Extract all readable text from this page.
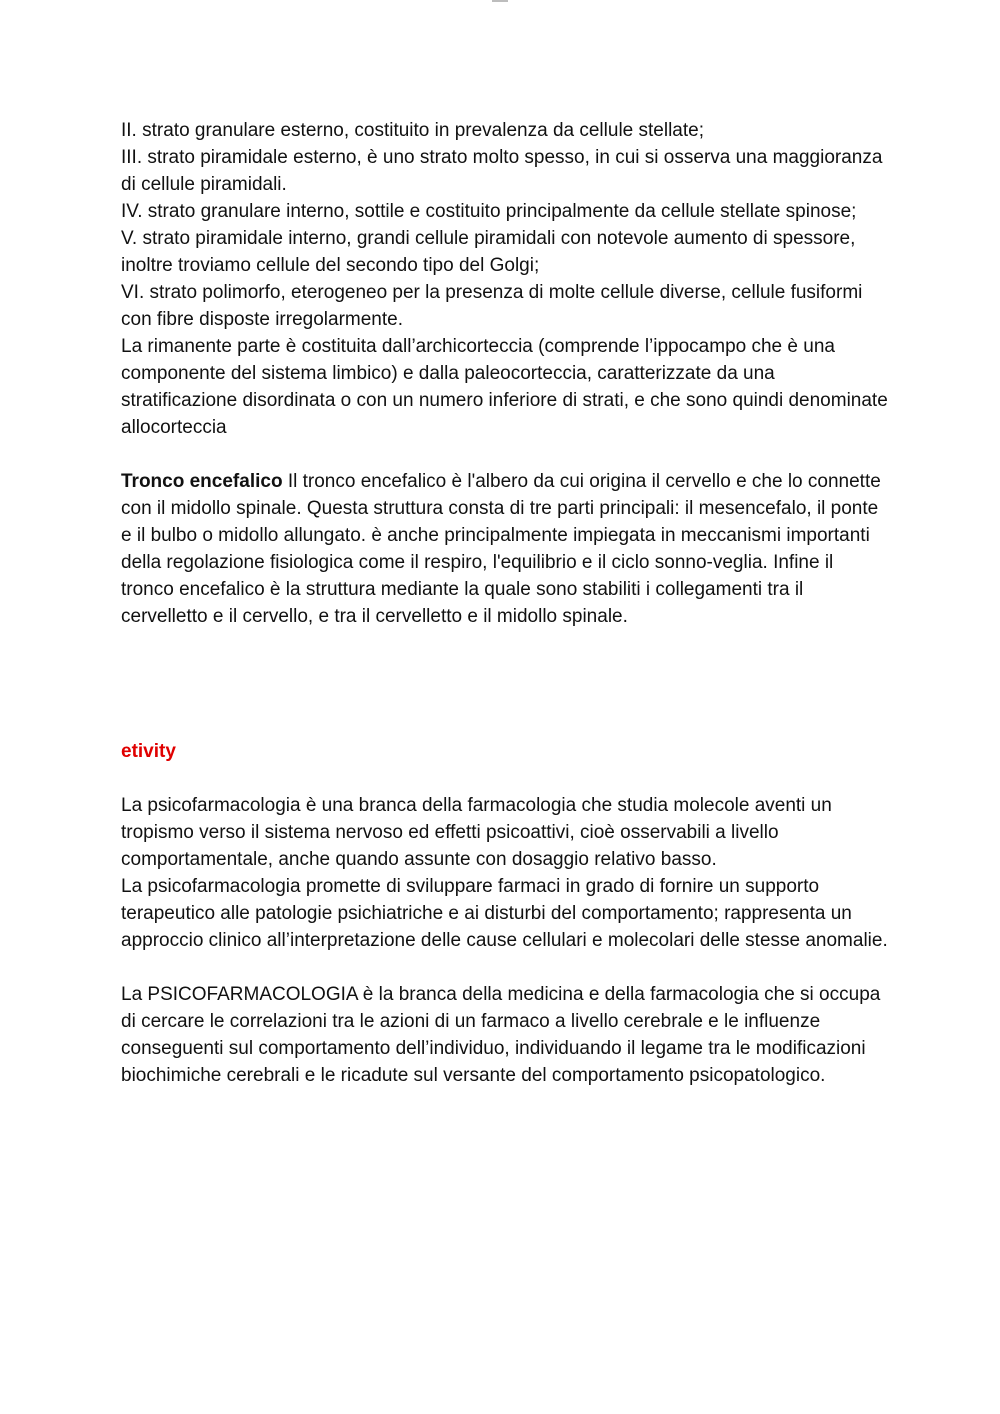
II. strato granulare esterno, costituito in prevalenza da cellule stellate;

III. strato piramidale esterno, è uno strato molto spesso, in cui si osserva una maggioranza di cellule piramidali.

IV. strato granulare interno, sottile e costituito principalmente da cellule stellate spinose;

V. strato piramidale interno, grandi cellule piramidali con notevole aumento di spessore, inoltre troviamo cellule del secondo tipo del Golgi;

VI. strato polimorfo, eterogeneo per la presenza di molte cellule diverse, cellule fusiformi con fibre disposte irregolarmente.

La rimanente parte è costituita dall’archicorteccia (comprende l’ippocampo che è una componente del sistema limbico) e dalla paleocorteccia, caratterizzate da una stratificazione disordinata o con un numero inferiore di strati, e che sono quindi denominate allocorteccia

Tronco encefalico Il tronco encefalico è l'albero da cui origina il cervello e che lo connette con il midollo spinale. Questa struttura consta di tre parti principali: il mesencefalo, il ponte e il bulbo o midollo allungato. è anche principalmente impiegata in meccanismi importanti della regolazione fisiologica come il respiro, l'equilibrio e il ciclo sonno-veglia. Infine il tronco encefalico è la struttura mediante la quale sono stabiliti i collegamenti tra il cervelletto e il cervello, e tra il cervelletto e il midollo spinale.

etivity

La psicofarmacologia è una branca della farmacologia che studia molecole aventi un tropismo verso il sistema nervoso ed effetti psicoattivi, cioè osservabili a livello comportamentale, anche quando assunte con dosaggio relativo basso.

La psicofarmacologia promette di sviluppare farmaci in grado di fornire un supporto terapeutico alle patologie psichiatriche e ai disturbi del comportamento; rappresenta un approccio clinico all’interpretazione delle cause cellulari e molecolari delle stesse anomalie.

La PSICOFARMACOLOGIA è la branca della medicina e della farmacologia che si occupa di cercare le correlazioni tra le azioni di un farmaco a livello cerebrale e le influenze conseguenti sul comportamento dell’individuo, individuando il legame tra le modificazioni biochimiche cerebrali e le ricadute sul versante del comportamento psicopatologico.
